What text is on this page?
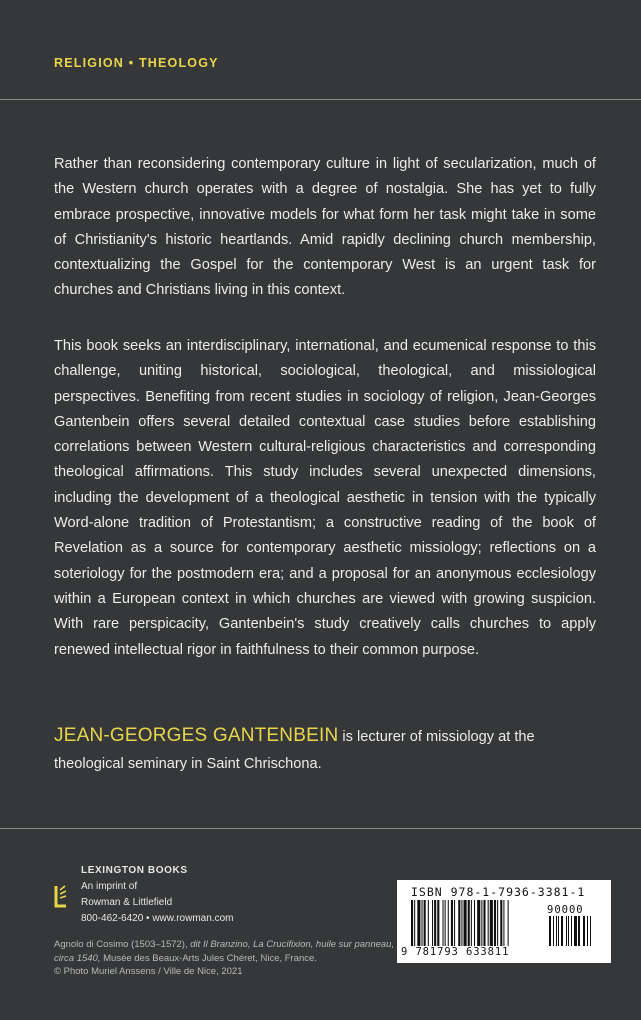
RELIGION • THEOLOGY

Rather than reconsidering contemporary culture in light of secularization, much of the Western church operates with a degree of nostalgia. She has yet to fully embrace prospective, innovative models for what form her task might take in some of Christianity's historic heartlands. Amid rapidly declining church membership, contextualizing the Gospel for the contemporary West is an urgent task for churches and Christians living in this context.

This book seeks an interdisciplinary, international, and ecumenical response to this challenge, uniting historical, sociological, theological, and missiological perspectives. Benefiting from recent studies in sociology of religion, Jean-Georges Gantenbein offers several detailed contextual case studies before establishing correlations between Western cultural-religious characteristics and corresponding theological affirmations. This study includes several unexpected dimensions, including the development of a theological aesthetic in tension with the typically Word-alone tradition of Protestantism; a constructive reading of the book of Revelation as a source for contemporary aesthetic missiology; reflections on a soteriology for the postmodern era; and a proposal for an anonymous ecclesiology within a European context in which churches are viewed with growing suspicion. With rare perspicacity, Gantenbein's study creatively calls churches to apply renewed intellectual rigor in faithfulness to their common purpose.

JEAN-GEORGES GANTENBEIN is lecturer of missiology at the theological seminary in Saint Chrischona.

LEXINGTON BOOKS
An imprint of
Rowman & Littlefield
800-462-6420 • www.rowman.com
Agnolo di Cosimo (1503–1572), dit Il Branzino, La Crucifixion, huile sur panneau, circa 1540, Musée des Beaux-Arts Jules Chéret, Nice, France.
© Photo Muriel Anssens / Ville de Nice, 2021
ISBN 978-1-7936-3381-1
90000
9 781793 633811
